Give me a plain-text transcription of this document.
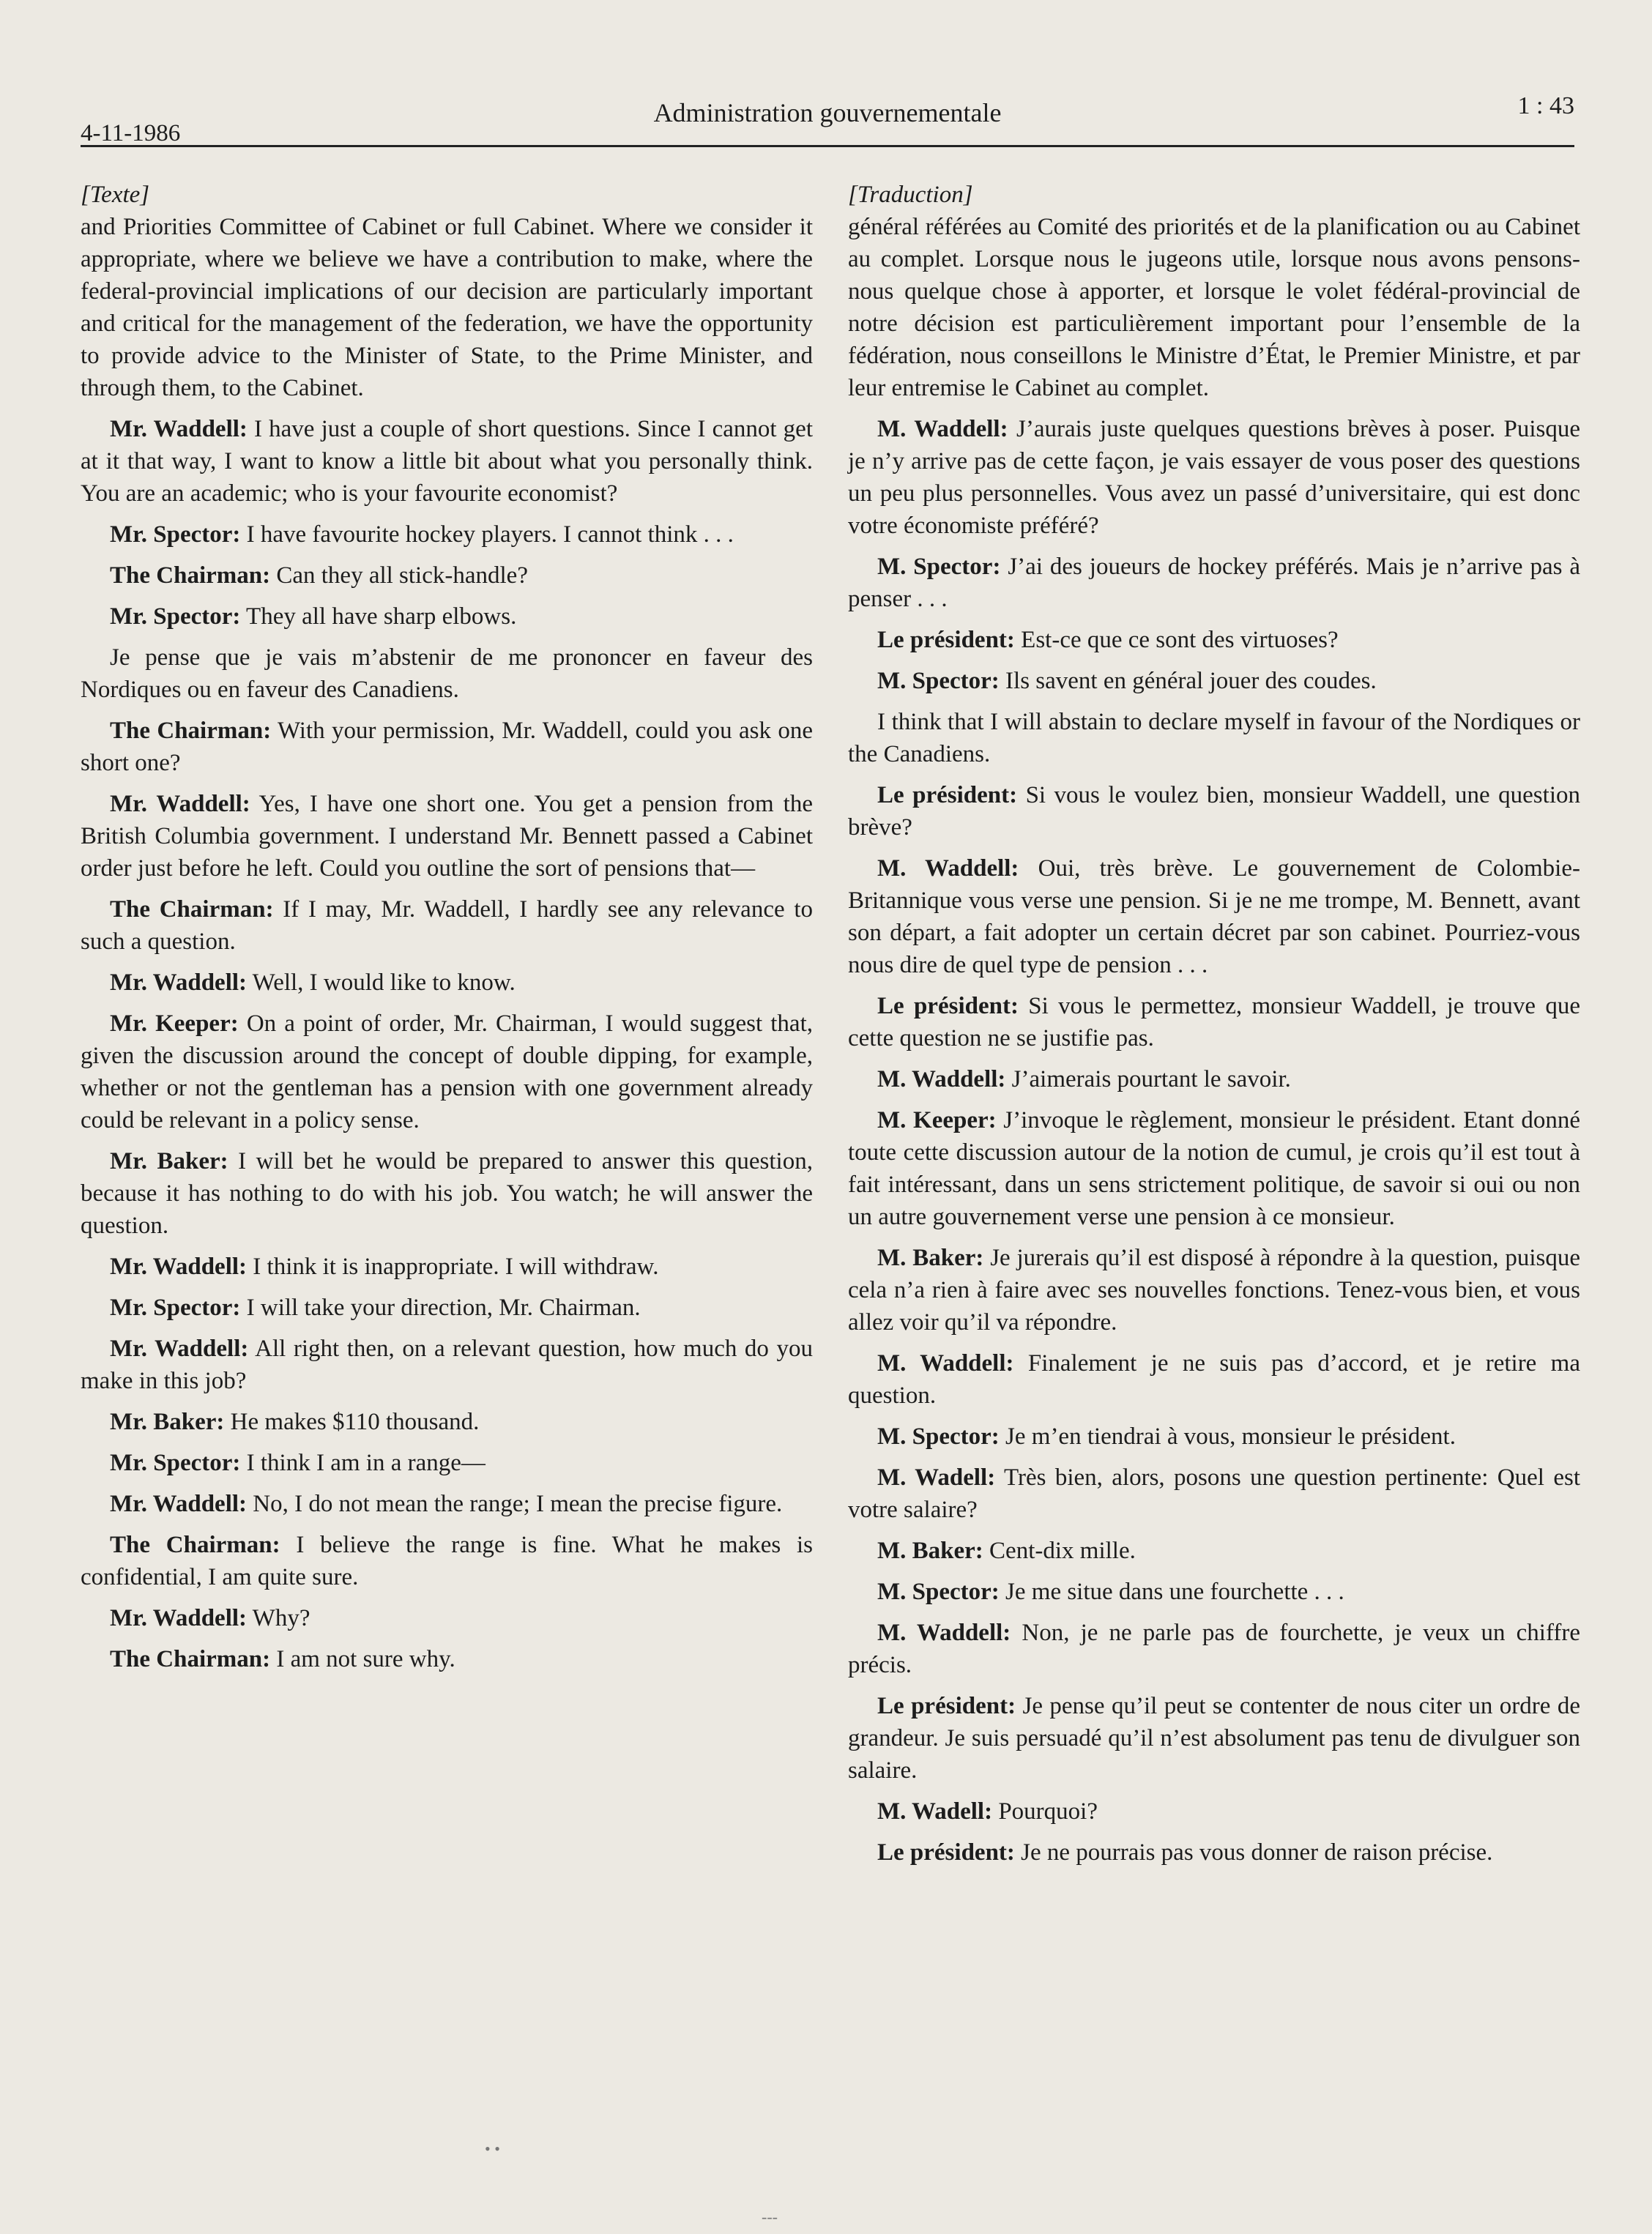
4-11-1986
Administration gouvernementale	1 : 43
[Texte]

and Priorities Committee of Cabinet or full Cabinet. Where we consider it appropriate, where we believe we have a contribution to make, where the federal-provincial implications of our decision are particularly important and critical for the management of the federation, we have the opportunity to provide advice to the Minister of State, to the Prime Minister, and through them, to the Cabinet.

Mr. Waddell: I have just a couple of short questions. Since I cannot get at it that way, I want to know a little bit about what you personally think. You are an academic; who is your favourite economist?

Mr. Spector: I have favourite hockey players. I cannot think . . .

The Chairman: Can they all stick-handle?

Mr. Spector: They all have sharp elbows.

Je pense que je vais m’abstenir de me prononcer en faveur des Nordiques ou en faveur des Canadiens.

The Chairman: With your permission, Mr. Waddell, could you ask one short one?

Mr. Waddell: Yes, I have one short one. You get a pension from the British Columbia government. I understand Mr. Bennett passed a Cabinet order just before he left. Could you outline the sort of pensions that—

The Chairman: If I may, Mr. Waddell, I hardly see any relevance to such a question.

Mr. Waddell: Well, I would like to know.

Mr. Keeper: On a point of order, Mr. Chairman, I would suggest that, given the discussion around the concept of double dipping, for example, whether or not the gentleman has a pension with one government already could be relevant in a policy sense.

Mr. Baker: I will bet he would be prepared to answer this question, because it has nothing to do with his job. You watch; he will answer the question.

Mr. Waddell: I think it is inappropriate. I will withdraw.

Mr. Spector: I will take your direction, Mr. Chairman.

Mr. Waddell: All right then, on a relevant question, how much do you make in this job?

Mr. Baker: He makes $110 thousand.

Mr. Spector: I think I am in a range—

Mr. Waddell: No, I do not mean the range; I mean the precise figure.

The Chairman: I believe the range is fine. What he makes is confidential, I am quite sure.

Mr. Waddell: Why?

The Chairman: I am not sure why.

[Traduction]

général référées au Comité des priorités et de la planification ou au Cabinet au complet. Lorsque nous le jugeons utile, lorsque nous avons pensons-nous quelque chose à apporter, et lorsque le volet fédéral-provincial de notre décision est particulièrement important pour l’ensemble de la fédération, nous conseillons le Ministre d’État, le Premier Ministre, et par leur entremise le Cabinet au complet.

M. Waddell: J’aurais juste quelques questions brèves à poser. Puisque je n’y arrive pas de cette façon, je vais essayer de vous poser des questions un peu plus personnelles. Vous avez un passé d’universitaire, qui est donc votre économiste préféré?

M. Spector: J’ai des joueurs de hockey préférés. Mais je n’arrive pas à penser . . .

Le président: Est-ce que ce sont des virtuoses?

M. Spector: Ils savent en général jouer des coudes.

I think that I will abstain to declare myself in favour of the Nordiques or the Canadiens.

Le président: Si vous le voulez bien, monsieur Waddell, une question brève?

M. Waddell: Oui, très brève. Le gouvernement de Colombie-Britannique vous verse une pension. Si je ne me trompe, M. Bennett, avant son départ, a fait adopter un certain décret par son cabinet. Pourriez-vous nous dire de quel type de pension . . .

Le président: Si vous le permettez, monsieur Waddell, je trouve que cette question ne se justifie pas.

M. Waddell: J’aimerais pourtant le savoir.

M. Keeper: J’invoque le règlement, monsieur le président. Etant donné toute cette discussion autour de la notion de cumul, je crois qu’il est tout à fait intéressant, dans un sens strictement politique, de savoir si oui ou non un autre gouvernement verse une pension à ce monsieur.

M. Baker: Je jurerais qu’il est disposé à répondre à la question, puisque cela n’a rien à faire avec ses nouvelles fonctions. Tenez-vous bien, et vous allez voir qu’il va répondre.

M. Waddell: Finalement je ne suis pas d’accord, et je retire ma question.

M. Spector: Je m’en tiendrai à vous, monsieur le président.

M. Wadell: Très bien, alors, posons une question pertinente: Quel est votre salaire?

M. Baker: Cent-dix mille.

M. Spector: Je me situe dans une fourchette . . .

M. Waddell: Non, je ne parle pas de fourchette, je veux un chiffre précis.

Le président: Je pense qu’il peut se contenter de nous citer un ordre de grandeur. Je suis persuadé qu’il n’est absolument pas tenu de divulguer son salaire.

M. Wadell: Pourquoi?

Le président: Je ne pourrais pas vous donner de raison précise.

• •
---
